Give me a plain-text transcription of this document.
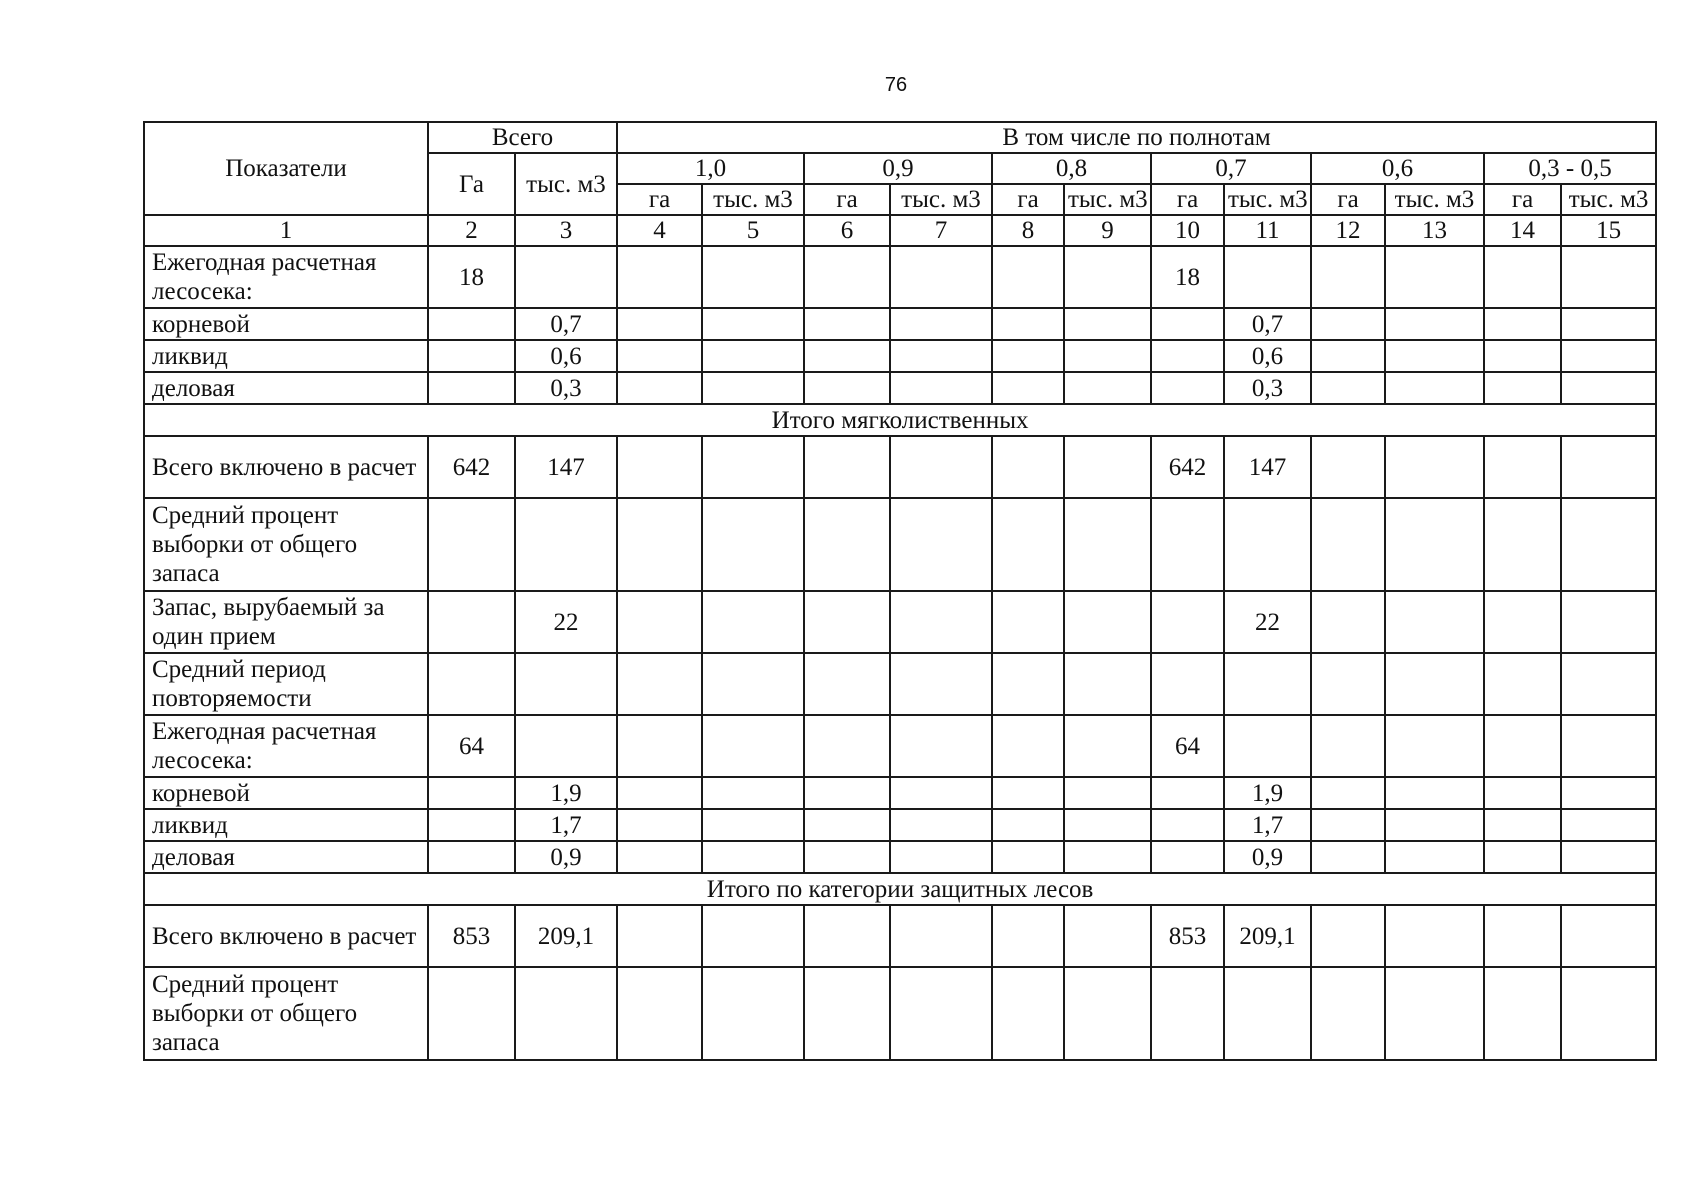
76
Показатели	Всего		В том числе по полнотам											
	Га	тыс. м3	1,0		0,9		0,8		0,7		0,6		0,3 - 0,5	
			га	тыс. м3	га	тыс. м3	га	тыс. м3	га	тыс. м3	га	тыс. м3	га	тыс. м3
1	2	3	4	5	6	7	8	9	10	11	12	13	14	15
Ежегодная расчетная лесосека:	18								18					
корневой		0,7								0,7				
ликвид		0,6								0,6				
деловая		0,3								0,3				
Итого мягколиственных														
Всего включено в расчет	642	147							642	147				
Средний процент выборки от общего запаса														
Запас, вырубаемый за один прием		22								22				
Средний период повторяемости														
Ежегодная расчетная лесосека:	64								64					
корневой		1,9								1,9				
ликвид		1,7								1,7				
деловая		0,9								0,9				
Итого по категории защитных лесов														
Всего включено в расчет	853	209,1							853	209,1				
Средний процент выборки от общего запаса														
